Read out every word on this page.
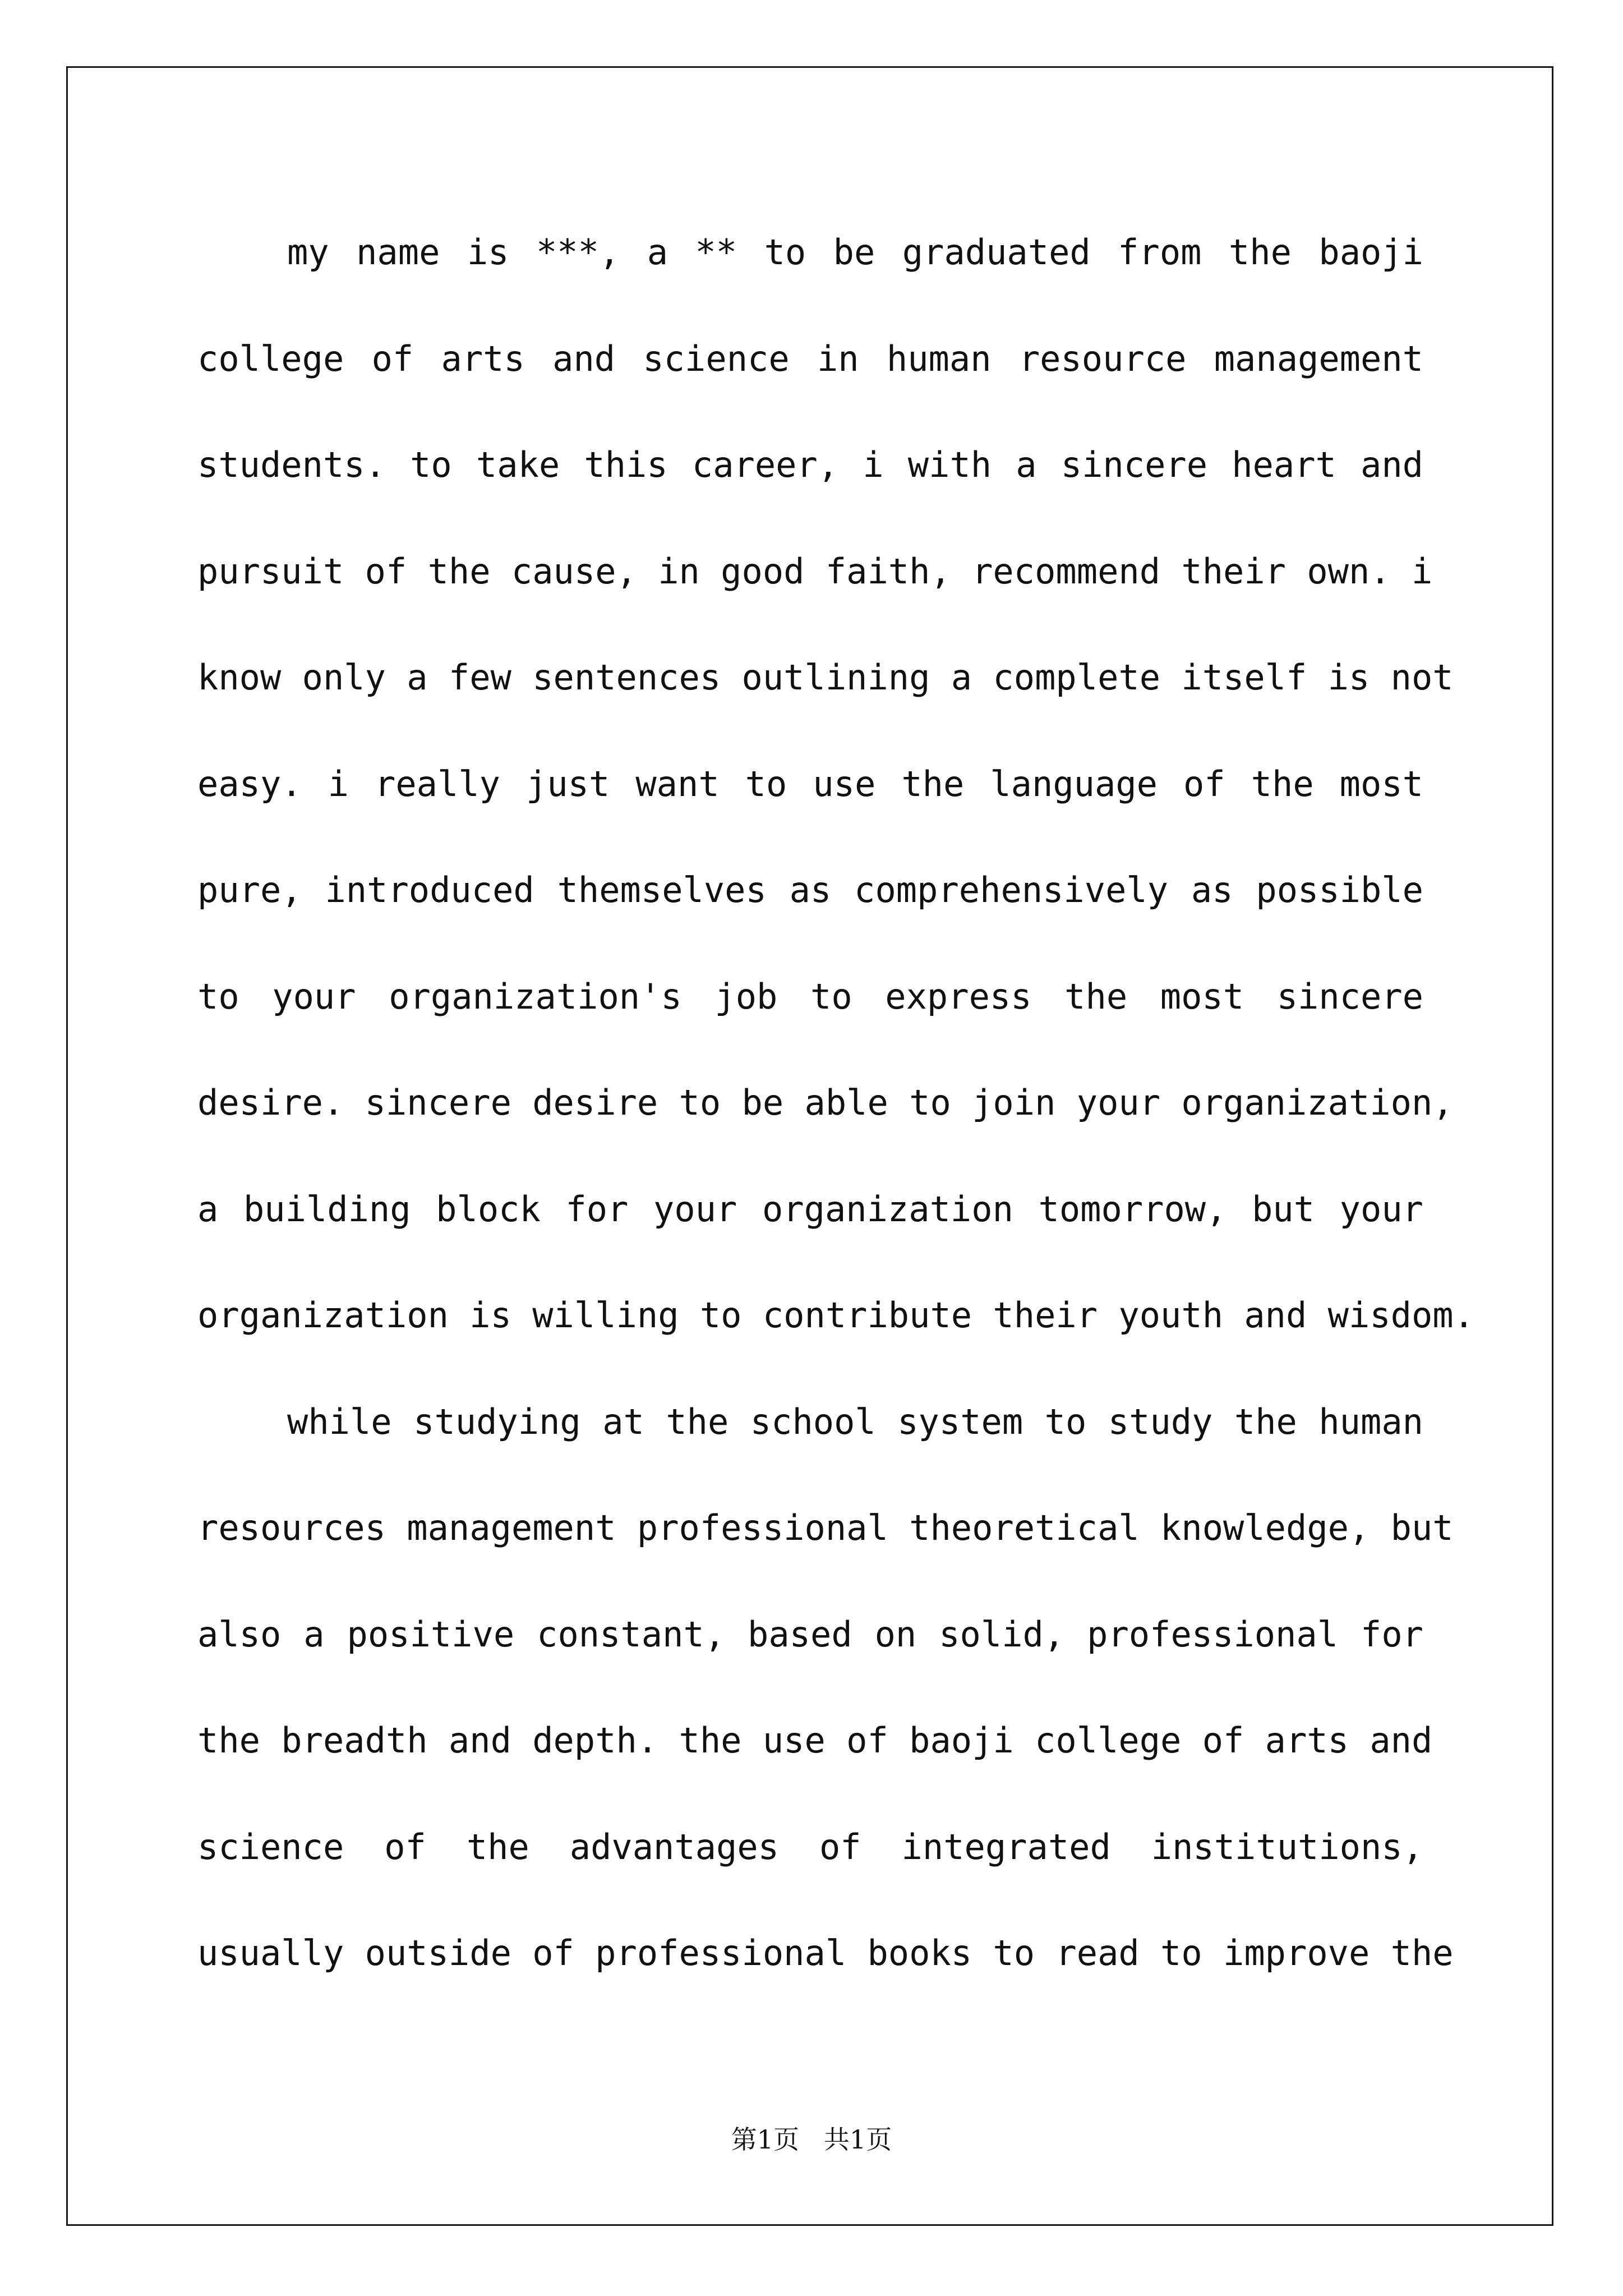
my name is ***, a ** to be graduated from the baoji
college of arts and science in human resource management
students. to take this career, i with a sincere heart and
pursuit of the cause, in good faith, recommend their own. i
know only a few sentences outlining a complete itself is not
easy. i really just want to use the language of the most
pure, introduced themselves as comprehensively as possible
to your organization's job to express the most sincere
desire. sincere desire to be able to join your organization,
a building block for your organization tomorrow, but your
organization is willing to contribute their youth and wisdom.
while studying at the school system to study the human
resources management professional theoretical knowledge, but
also a positive constant, based on solid, professional for
the breadth and depth. the use of baoji college of arts and
science of the advantages of integrated institutions,
usually outside of professional books to read to improve the
第1页   共1页
